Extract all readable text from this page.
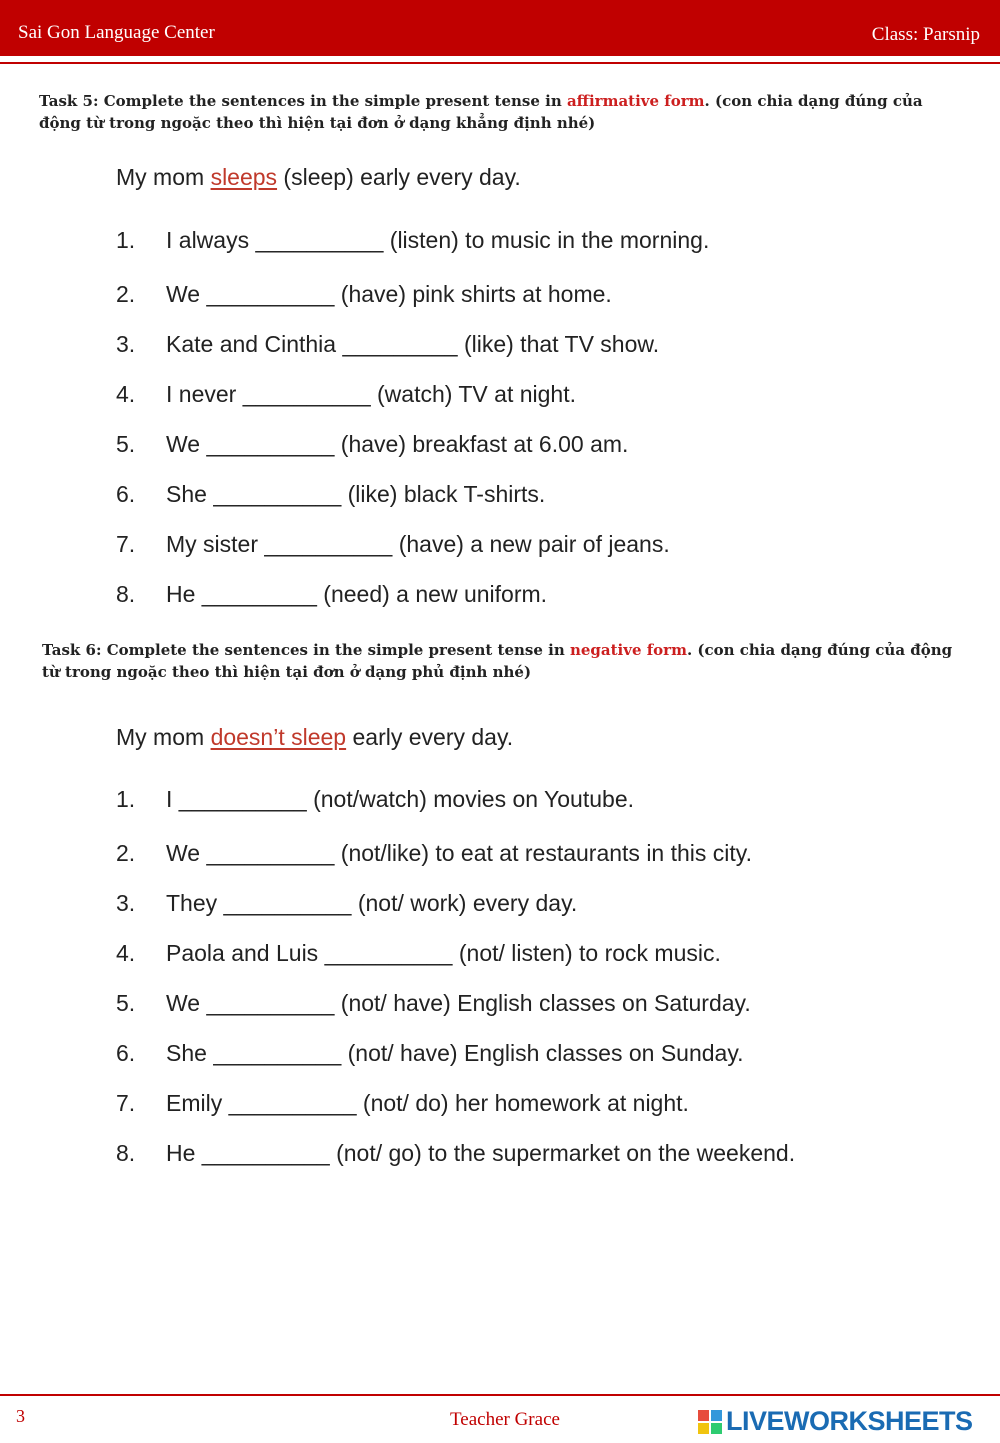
Sai Gon Language Center	Class: Parsnip
Task 5: Complete the sentences in the simple present tense in affirmative form. (con chia dạng đúng của động từ trong ngoặc theo thì hiện tại đơn ở dạng khẳng định nhé)
My mom sleeps (sleep) early every day.
1. I always __________ (listen) to music in the morning.
2. We __________ (have) pink shirts at home.
3. Kate and Cinthia _________ (like) that TV show.
4. I never __________ (watch) TV at night.
5. We __________ (have) breakfast at 6.00 am.
6. She __________ (like) black T-shirts.
7. My sister __________ (have) a new pair of jeans.
8. He _________ (need) a new uniform.
Task 6: Complete the sentences in the simple present tense in negative form. (con chia dạng đúng của động từ trong ngoặc theo thì hiện tại đơn ở dạng phủ định nhé)
My mom doesn’t sleep early every day.
1. I __________ (not/watch) movies on Youtube.
2. We __________ (not/like) to eat at restaurants in this city.
3. They __________ (not/ work) every day.
4. Paola and Luis __________ (not/ listen) to rock music.
5. We __________ (not/ have) English classes on Saturday.
6. She __________ (not/ have) English classes on Sunday.
7. Emily __________ (not/ do) her homework at night.
8. He __________ (not/ go) to the supermarket on the weekend.
3	Teacher Grace	LIVEWORKSHEETS
